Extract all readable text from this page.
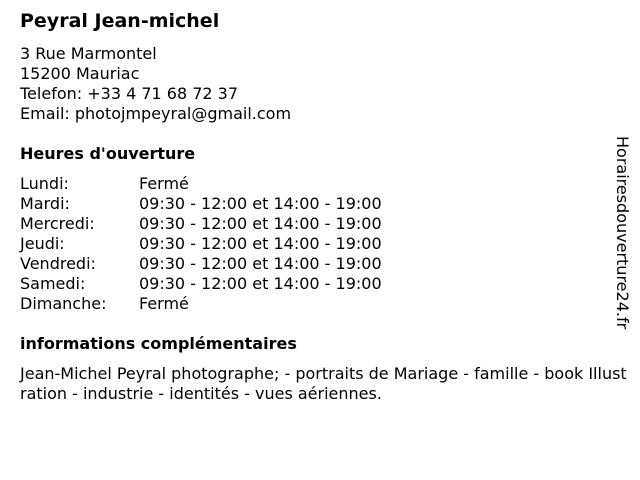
Peyral Jean-michel
3 Rue Marmontel
15200 Mauriac
Telefon: +33 4 71 68 72 37
Email: photojmpeyral@gmail.com
Heures d'ouverture
Lundi:	Fermé
Mardi:	09:30 - 12:00 et 14:00 - 19:00
Mercredi:	09:30 - 12:00 et 14:00 - 19:00
Jeudi:	09:30 - 12:00 et 14:00 - 19:00
Vendredi:	09:30 - 12:00 et 14:00 - 19:00
Samedi:	09:30 - 12:00 et 14:00 - 19:00
Dimanche: Fermé
informations complémentaires
Jean-Michel Peyral photographe; - portraits de Mariage - famille - book Illustration - industrie - identités - vues aériennes.
Horairesdouverture24.fr
